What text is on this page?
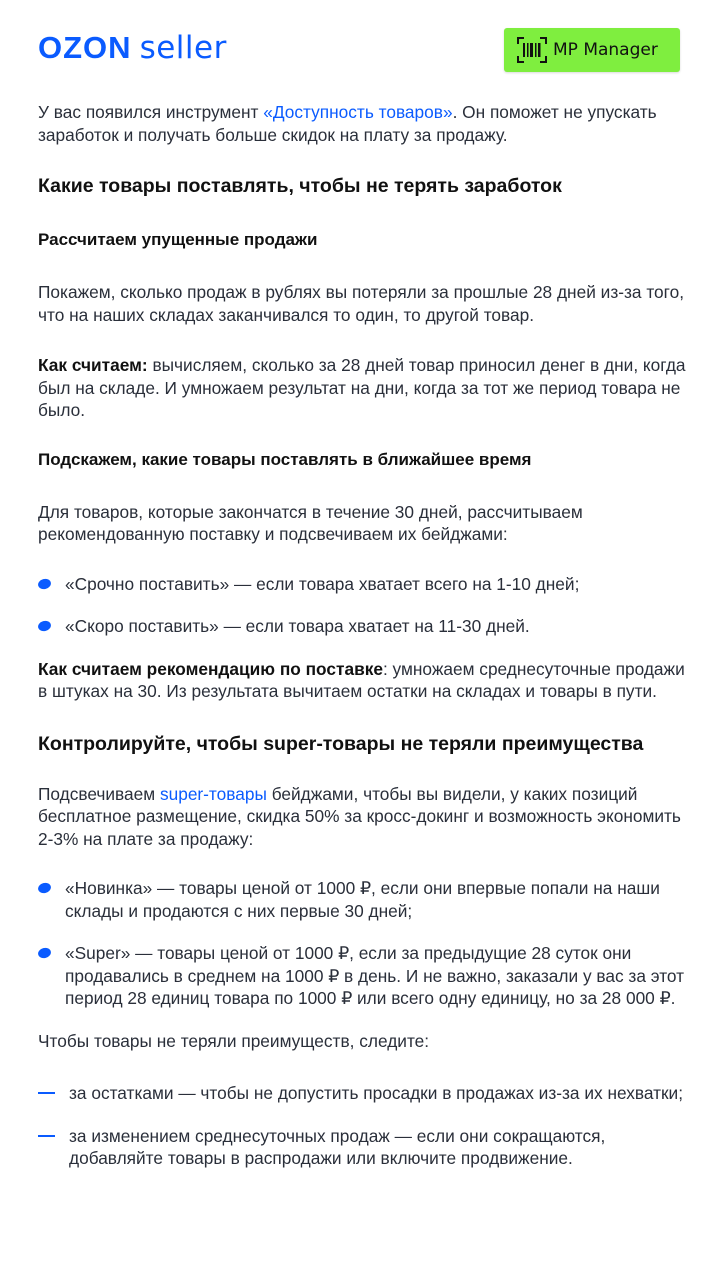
OZON seller	MP Manager

У вас появился инструмент «Доступность товаров». Он поможет не упускать заработок и получать больше скидок на плату за продажу.

Какие товары поставлять, чтобы не терять заработок
Рассчитаем упущенные продажи

Покажем, сколько продаж в рублях вы потеряли за прошлые 28 дней из-за того, что на наших складах заканчивался то один, то другой товар.

Как считаем: вычисляем, сколько за 28 дней товар приносил денег в дни, когда был на складе. И умножаем результат на дни, когда за тот же период товара не было.

Подскажем, какие товары поставлять в ближайшее время

Для товаров, которые закончатся в течение 30 дней, рассчитываем рекомендованную поставку и подсвечиваем их бейджами:

«Срочно поставить» — если товара хватает всего на 1-10 дней;
«Скоро поставить» — если товара хватает на 11-30 дней.

Как считаем рекомендацию по поставке: умножаем среднесуточные продажи в штуках на 30. Из результата вычитаем остатки на складах и товары в пути.

Контролируйте, чтобы super-товары не теряли преимущества

Подсвечиваем super-товары бейджами, чтобы вы видели, у каких позиций бесплатное размещение, скидка 50% за кросс-докинг и возможность экономить 2-3% на плате за продажу:

«Новинка» — товары ценой от 1000 ₽, если они впервые попали на наши склады и продаются с них первые 30 дней;
«Super» — товары ценой от 1000 ₽, если за предыдущие 28 суток они продавались в среднем на 1000 ₽ в день. И не важно, заказали у вас за этот период 28 единиц товара по 1000 ₽ или всего одну единицу, но за 28 000 ₽.

Чтобы товары не теряли преимуществ, следите:

за остатками — чтобы не допустить просадки в продажах из-за их нехватки;
за изменением среднесуточных продаж — если они сокращаются, добавляйте товары в распродажи или включите продвижение.
